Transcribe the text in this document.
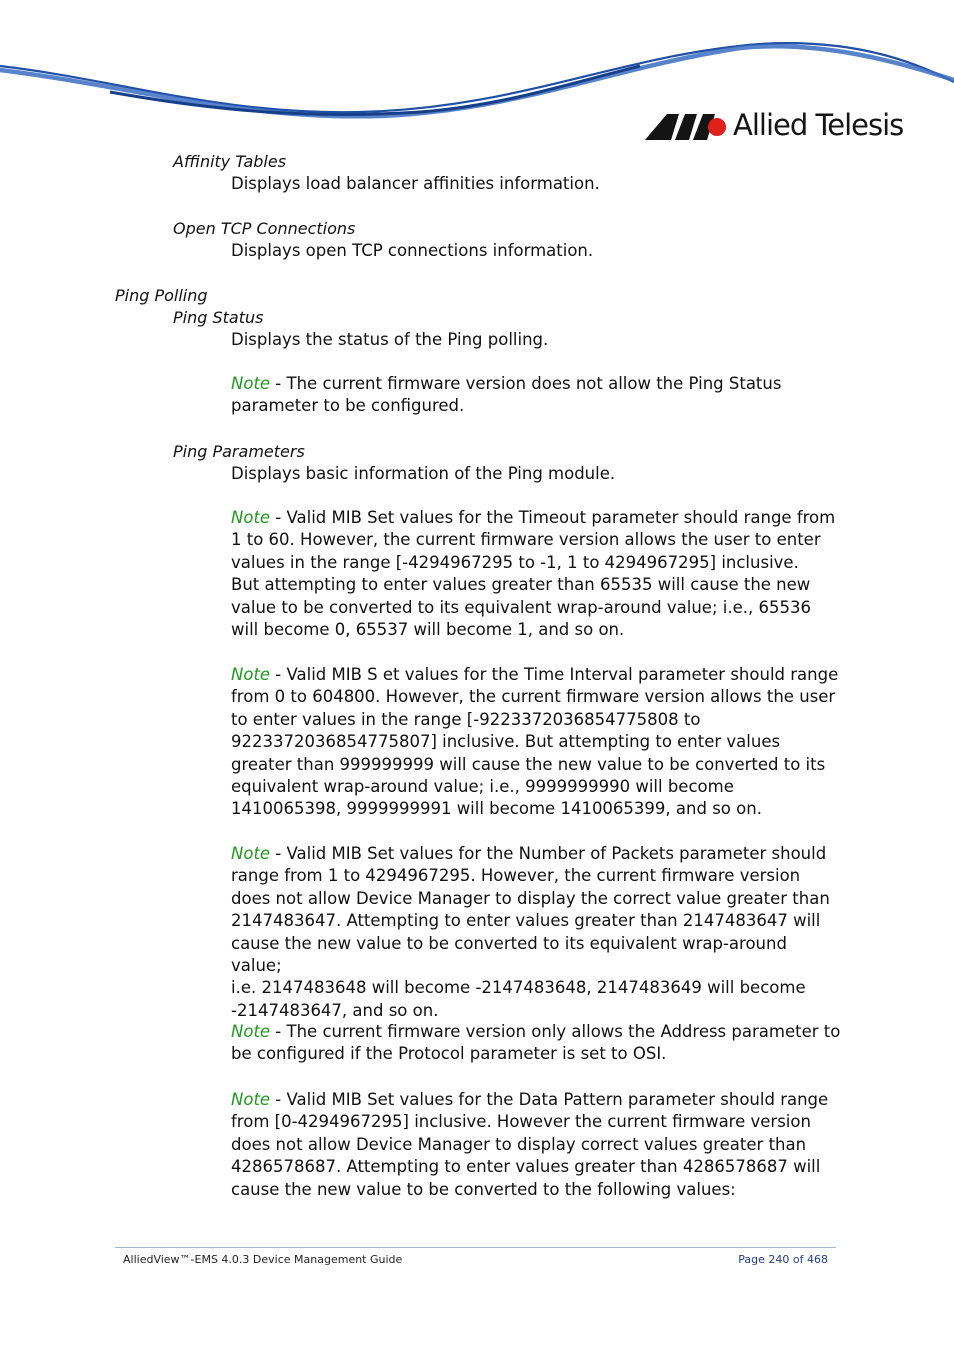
Allied Telesis
Affinity Tables
Displays load balancer affinities information.
Open TCP Connections
Displays open TCP connections information.
Ping Polling
Ping Status
Displays the status of the Ping polling.
Note - The current firmware version does not allow the Ping Status parameter to be configured.
Ping Parameters
Displays basic information of the Ping module.
Note - Valid MIB Set values for the Timeout parameter should range from 1 to 60. However, the current firmware version allows the user to enter values in the range [-4294967295 to -1, 1 to 4294967295] inclusive.
But attempting to enter values greater than 65535 will cause the new value to be converted to its equivalent wrap-around value; i.e., 65536 will become 0, 65537 will become 1, and so on.
Note - Valid MIB S et values for the Time Interval parameter should range from 0 to 604800. However, the current firmware version allows the user to enter values in the range [-9223372036854775808 to 9223372036854775807] inclusive. But attempting to enter values greater than 999999999 will cause the new value to be converted to its equivalent wrap-around value; i.e., 9999999990 will become 1410065398, 9999999991 will become 1410065399, and so on.
Note - Valid MIB Set values for the Number of Packets parameter should range from 1 to 4294967295. However, the current firmware version does not allow Device Manager to display the correct value greater than 2147483647. Attempting to enter values greater than 2147483647 will cause the new value to be converted to its equivalent wrap-around value;
i.e. 2147483648 will become -2147483648, 2147483649 will become -2147483647, and so on.
Note - The current firmware version only allows the Address parameter to be configured if the Protocol parameter is set to OSI.
Note - Valid MIB Set values for the Data Pattern parameter should range from [0-4294967295] inclusive. However the current firmware version does not allow Device Manager to display correct values greater than 4286578687. Attempting to enter values greater than 4286578687 will cause the new value to be converted to the following values:
AlliedView™-EMS 4.0.3 Device Management Guide	Page 240 of 468
